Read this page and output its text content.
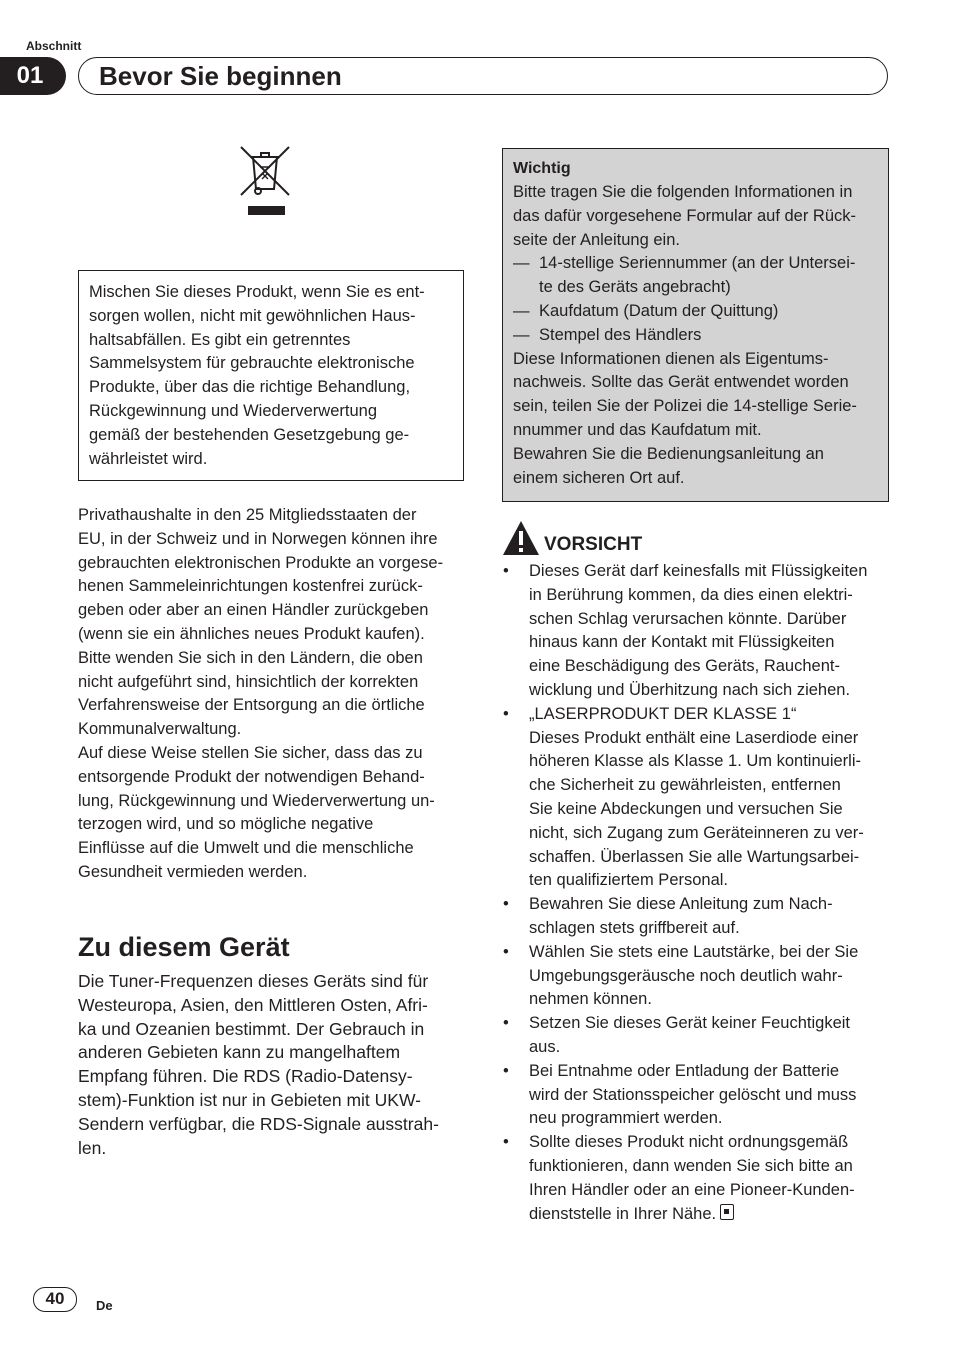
Abschnitt
01	Bevor Sie beginnen

Mischen Sie dieses Produkt, wenn Sie es ent-

sorgen wollen, nicht mit gewöhnlichen Haus-

haltsabfällen. Es gibt ein getrenntes

Sammelsystem für gebrauchte elektronische

Produkte, über das die richtige Behandlung,

Rückgewinnung und Wiederverwertung

gemäß der bestehenden Gesetzgebung ge-

währleistet wird.

Privathaushalte in den 25 Mitgliedsstaaten der

EU, in der Schweiz und in Norwegen können ihre

gebrauchten elektronischen Produkte an vorgese-

henen Sammeleinrichtungen kostenfrei zurück-

geben oder aber an einen Händler zurückgeben

(wenn sie ein ähnliches neues Produkt kaufen).

Bitte wenden Sie sich in den Ländern, die oben

nicht aufgeführt sind, hinsichtlich der korrekten

Verfahrensweise der Entsorgung an die örtliche

Kommunalverwaltung.

Auf diese Weise stellen Sie sicher, dass das zu

entsorgende Produkt der notwendigen Behand-

lung, Rückgewinnung und Wiederverwertung un-

terzogen wird, und so mögliche negative

Einflüsse auf die Umwelt und die menschliche

Gesundheit vermieden werden.

Zu diesem Gerät

Die Tuner-Frequenzen dieses Geräts sind für

Westeuropa, Asien, den Mittleren Osten, Afri-

ka und Ozeanien bestimmt. Der Gebrauch in

anderen Gebieten kann zu mangelhaftem

Empfang führen. Die RDS (Radio-Datensy-

stem)-Funktion ist nur in Gebieten mit UKW-

Sendern verfügbar, die RDS-Signale ausstrah-

len.

Wichtig

Bitte tragen Sie die folgenden Informationen in

das dafür vorgesehene Formular auf der Rück-

seite der Anleitung ein.

— 14-stellige Seriennummer (an der Untersei-

te des Geräts angebracht)

— Kaufdatum (Datum der Quittung)

— Stempel des Händlers

Diese Informationen dienen als Eigentums-

nachweis. Sollte das Gerät entwendet worden

sein, teilen Sie der Polizei die 14-stellige Serie-

nnummer und das Kaufdatum mit.

Bewahren Sie die Bedienungsanleitung an

einem sicheren Ort auf.

VORSICHT
•	Dieses Gerät darf keinesfalls mit Flüssigkeiten

in Berührung kommen, da dies einen elektri-

schen Schlag verursachen könnte. Darüber

hinaus kann der Kontakt mit Flüssigkeiten

eine Beschädigung des Geräts, Rauchent-

wicklung und Überhitzung nach sich ziehen.

•	„LASERPRODUKT DER KLASSE 1“

Dieses Produkt enthält eine Laserdiode einer

höheren Klasse als Klasse 1. Um kontinuierli-

che Sicherheit zu gewährleisten, entfernen

Sie keine Abdeckungen und versuchen Sie

nicht, sich Zugang zum Geräteinneren zu ver-

schaffen. Überlassen Sie alle Wartungsarbei-

ten qualifiziertem Personal.

•	Bewahren Sie diese Anleitung zum Nach-

schlagen stets griffbereit auf.

•	Wählen Sie stets eine Lautstärke, bei der Sie

Umgebungsgeräusche noch deutlich wahr-

nehmen können.

•	Setzen Sie dieses Gerät keiner Feuchtigkeit

aus.

•	Bei Entnahme oder Entladung der Batterie

wird der Stationsspeicher gelöscht und muss

neu programmiert werden.

•	Sollte dieses Produkt nicht ordnungsgemäß

funktionieren, dann wenden Sie sich bitte an

Ihren Händler oder an eine Pioneer-Kunden-

dienststelle in Ihrer Nähe.

40	De
